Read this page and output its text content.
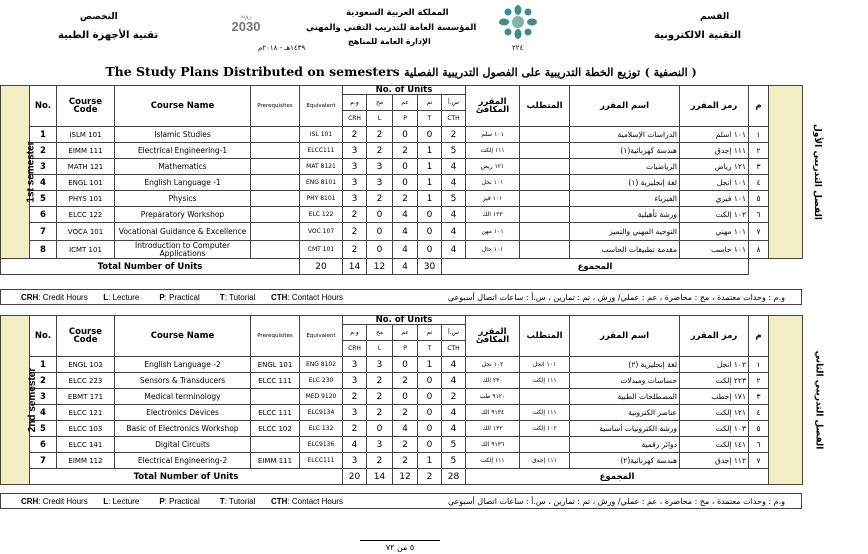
التخصص
تقنية الأجهزة الطبية
رؤية
2030
١٤٣٩هـ - ٢٠١٨م
المملكة العربية السعودية
المؤسسة العامة للتدريب التقني والمهني
الإدارة العامة للمناهج
٢٢٤
القسم
التقنية الالكترونية
The Study Plans Distributed on semesters	( النصفية ) توزيع الخطة التدريبية على الفصول التدريبية الفصلية
1st semester	No.	Course Code	Course Name	Prerequisites	Equivalent	No. of Units					المقرر المكافئ	المتطلب	اسم المقرر	رمز المقرر	م	الفصل التدريبي الأول
						و.م	مح	عم	تم	س.أ						
						CRH	L	P	T	CTH						
	1	ISLM 101	Islamic Studies		ISL 101	2	2	0	0	2	١٠١ سلم		الدراسات الإسلامية	١٠١ اسلم	١	
	2	EIMM 111	Electrical Engineering-1		ELCC111	3	2	2	1	5	١١١ إلكت		هندسة كهربائية(١)	١١١ إجدق	٢	
	3	MATH 121	Mathematics		MAT 8121	3	3	0	1	4	١٢١ ريض		الرياضيات	١٢١ رياض	٣	
	4	ENGL 101	English Language -1		ENG 8101	3	3	0	1	4	١٠١ نجل		لغة إنجليزية (١)	١٠١ انجل	٤	
	5	PHYS 101	Physics		PHY 8101	3	2	2	1	5	١٠١ فيز		الفيزياء	١٠١ فيزي	٥	
	6	ELCC 122	Preparatory Workshop		ELC 122	2	0	4	0	4	١٢٢ الك		ورشة تأهيلية	١٠٢ إلكت	٦	
	7	VOCA 101	Vocational Guidance & Excellence		VOC 107	2	0	4	0	4	١٠١ مهن		التوجيه المهني والتميز	١٠١ مهني	٧	
	8	ICMT 101	Introduction to Computer Applications		CMT 101	2	0	4	0	4	١٠١ حال		مقدمة تطبيقات الحاسب	١٠١ حاسب	٨	
Total Number of Units					20	14	12	4	30	المجموع						
CRH: Credit Hours L: Lecture	P: Practical	T: Tutorial CTH: Contact Hours	و.م : وحدات معتمدة ، مح : محاضرة ، عم : عملي/ ورش ، تم : تمارين ، س.أ : ساعات اتصال أسبوعي
2nd semester	No.	Course Code	Course Name	Prerequisites	Equivalent	No. of Units					المقرر المكافئ	المتطلب	اسم المقرر	رمز المقرر	م	الفصل التدريبي الثاني
						و.م	مح	عم	تم	س.أ						
						CRH	L	P	T	CTH						
	1	ENGL 102	English Language -2	ENGL 101	ENG 8102	3	3	0	1	4	١٠٢ نجل	١٠١ انجل	لغة إنجليزية (٢)	١٠٢ انجل	١	
	2	ELCC 223	Sensors & Transducers	ELCC 111	ELC 230	3	2	2	0	4	٢٣٠ الك	١١١ إلكت	حساسات ومبدلات	٢٢٣ إلكت	٢	
	3	EBMT 171	Medical terminology		MED 9120	2	2	0	0	2	٩١٢٠ طب		المصطلحات الطبية	١٧١ إجطب	٣	
	4	ELCC 121	Electronics Devices	ELCC 111	ELC9134	3	2	2	0	4	٩١٣٤ الك	١١١ إلكت	عناصر الكترونية	١٢١ إلكت	٤	
	5	ELCC 103	Basic of Electronics Workshop	ELCC 102	ELC 132	2	0	4	0	4	١٣٢ الك	١٠٢ إلكت	ورشة الكترونيات أساسية	١٠٣ إلكت	٥	
	6	ELCC 141	Digital Circuits		ELC9136	4	3	2	0	5	٩١٣٦ الك		دوائر رقمية	١٤١ إلكت	٦	
	7	EIMM 112	Electrical Engineering-2	EIMM 111	ELCC111	3	2	2	1	5	١١١ إلكت	١١١ إجدق	هندسة كهربائية(٢)	١١٢ إجدق	٧	
	Total Number of Units					20	14	12	2	28	المجموع					
CRH: Credit Hours L: Lecture	P: Practical	T: Tutorial CTH: Contact Hours	و.م : وحدات معتمدة ، مح : محاضرة ، عم : عملي/ ورش ، تم : تمارين ، س.أ : ساعات اتصال أسبوعي
٥ من ٧٢
